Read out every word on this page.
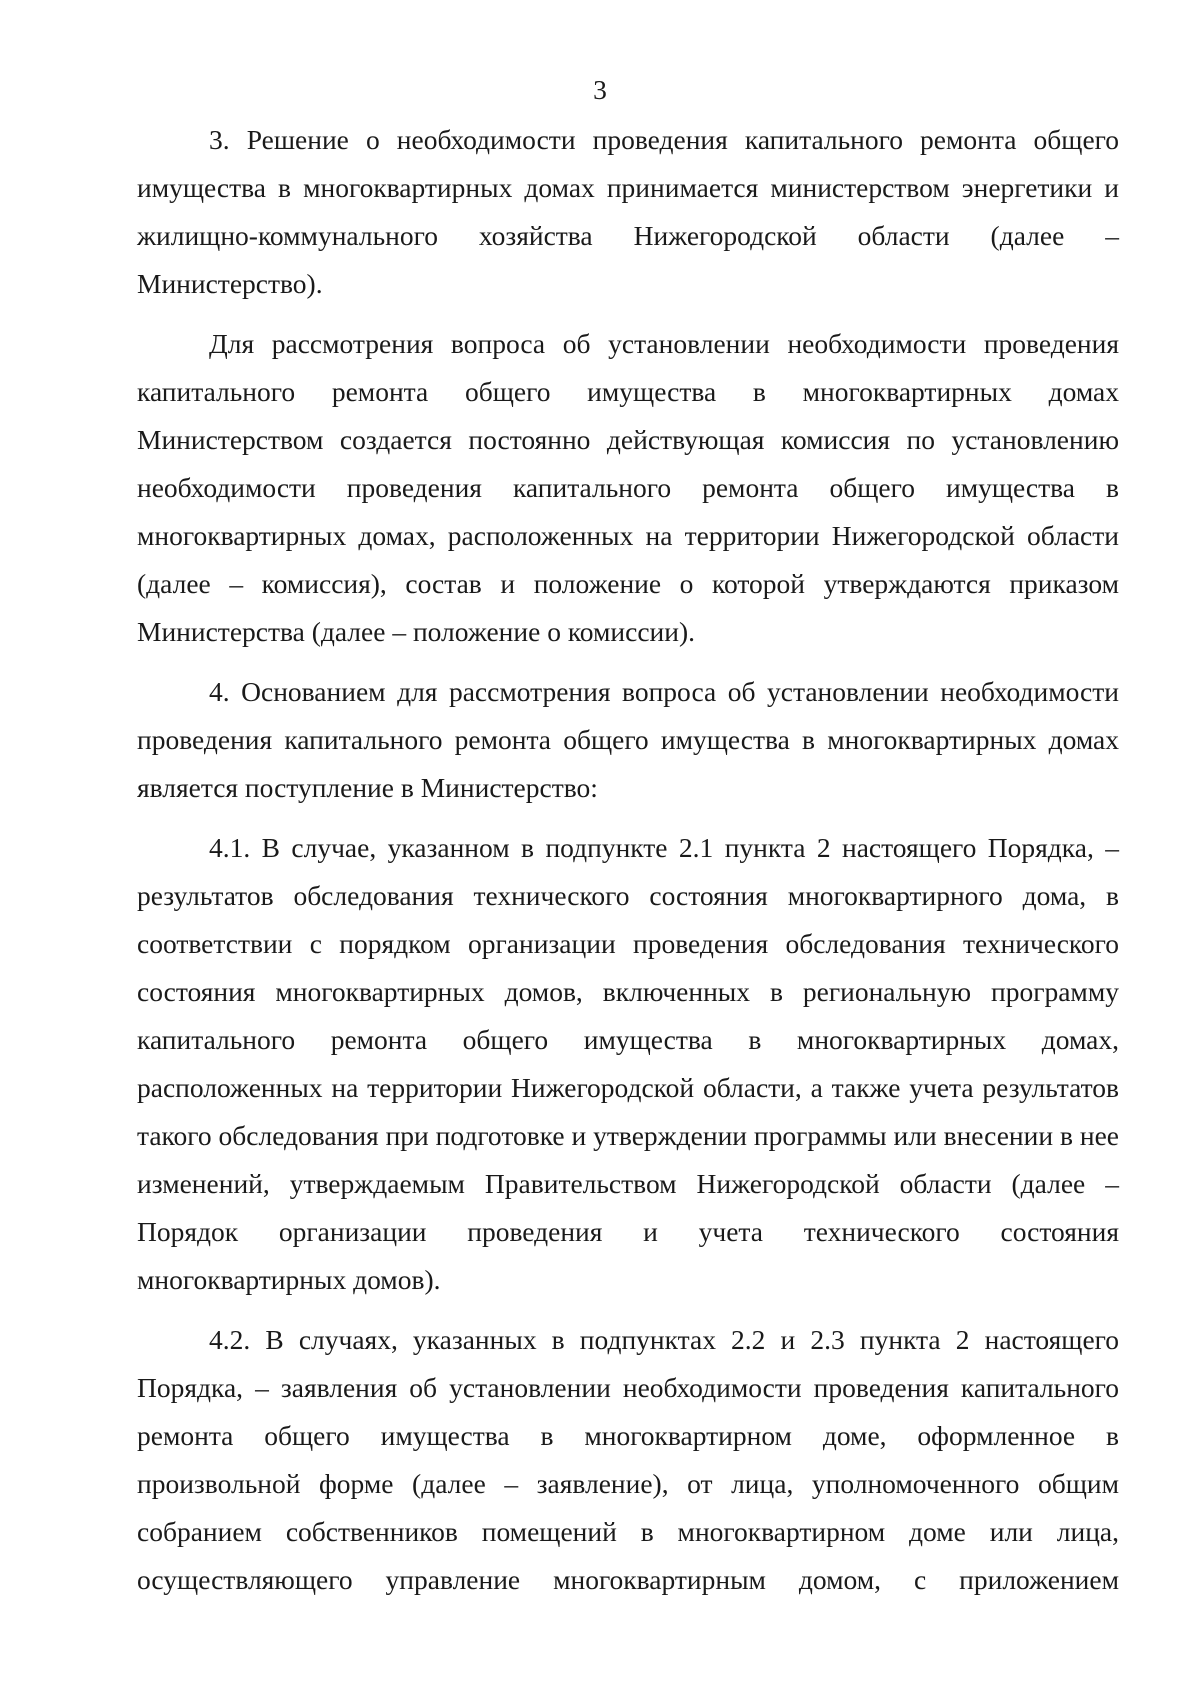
3

3. Решение о необходимости проведения капитального ремонта общего имущества в многоквартирных домах принимается министерством энергетики и жилищно-коммунального хозяйства Нижегородской области (далее – Министерство).

Для рассмотрения вопроса об установлении необходимости проведения капитального ремонта общего имущества в многоквартирных домах Министерством создается постоянно действующая комиссия по установлению необходимости проведения капитального ремонта общего имущества в многоквартирных домах, расположенных на территории Нижегородской области (далее – комиссия), состав и положение о которой утверждаются приказом Министерства (далее – положение о комиссии).

4. Основанием для рассмотрения вопроса об установлении необходимости проведения капитального ремонта общего имущества в многоквартирных домах является поступление в Министерство:

4.1. В случае, указанном в подпункте 2.1 пункта 2 настоящего Порядка, – результатов обследования технического состояния многоквартирного дома, в соответствии с порядком организации проведения обследования технического состояния многоквартирных домов, включенных в региональную программу капитального ремонта общего имущества в многоквартирных домах, расположенных на территории Нижегородской области, а также учета результатов такого обследования при подготовке и утверждении программы или внесении в нее изменений, утверждаемым Правительством Нижегородской области (далее – Порядок организации проведения и учета технического состояния многоквартирных домов).

4.2. В случаях, указанных в подпунктах 2.2 и 2.3 пункта 2 настоящего Порядка, – заявления об установлении необходимости проведения капитального ремонта общего имущества в многоквартирном доме, оформленное в произвольной форме (далее – заявление), от лица, уполномоченного общим собранием собственников помещений в многоквартирном доме или лица, осуществляющего управление многоквартирным домом, с приложением
